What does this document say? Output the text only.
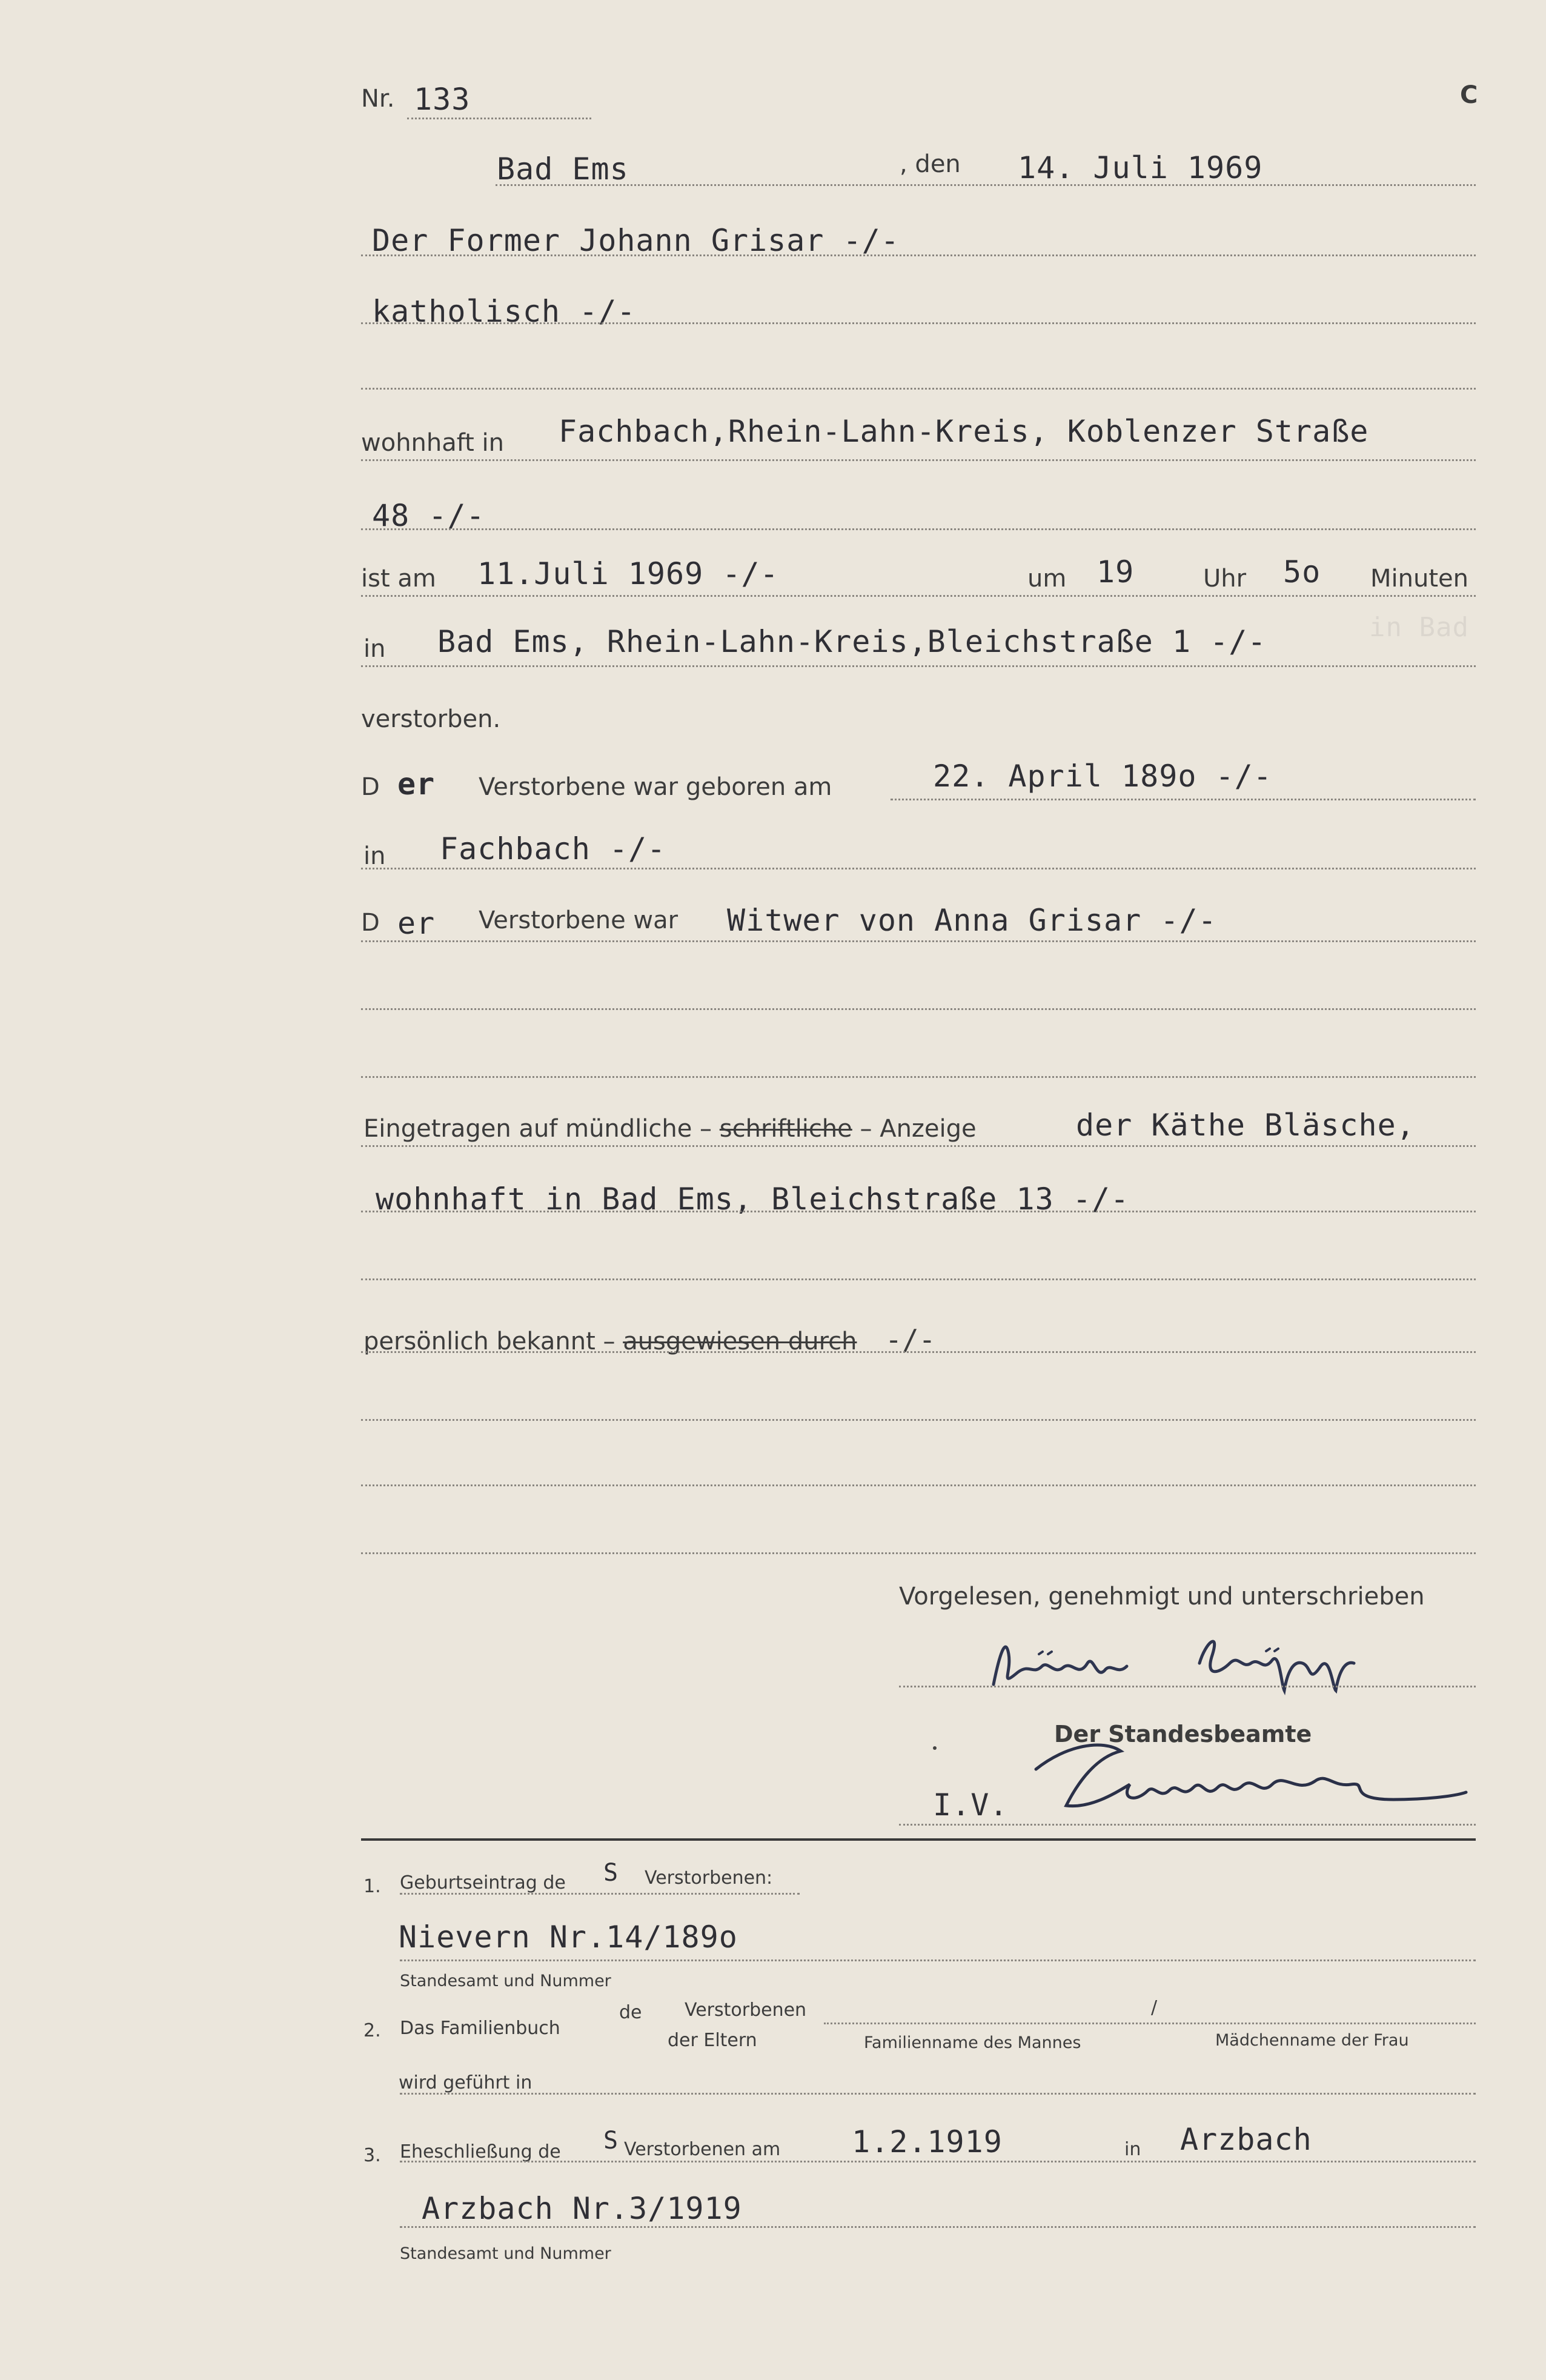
in Bad
Nr. 133	C
Bad Ems	, den 14. Juli 1969
Der Former Johann Grisar -/-
katholisch -/-
wohnhaft in Fachbach,Rhein-Lahn-Kreis, Koblenzer Straße
48 -/-
ist am 11.Juli 1969 -/-	um 19	Uhr 5o Minuten
in Bad Ems, Rhein-Lahn-Kreis,Bleichstraße 1 -/-
verstorben.
D er Verstorbene war geboren am	22. April 189o -/-
in Fachbach -/-
D er Verstorbene war Witwer von Anna Grisar -/-
Eingetragen auf mündliche – schriftliche – Anzeige	der Käthe Bläsche,
wohnhaft in Bad Ems, Bleichstraße 13 -/-
persönlich bekannt – ausgewiesen durch -/-
Vorgelesen, genehmigt und unterschrieben
Der Standesbeamte
I.V.
1. Geburtseintrag de S Verstorbenen:
Nievern Nr.14/189o
Standesamt und Nummer
2. Das Familienbuch
de Verstorbenen
der Eltern
/
Familienname des Mannes	Mädchenname der Frau
wird geführt in
3. Eheschließung de S Verstorbenen am 1.2.1919	in Arzbach
Arzbach Nr.3/1919
Standesamt und Nummer
